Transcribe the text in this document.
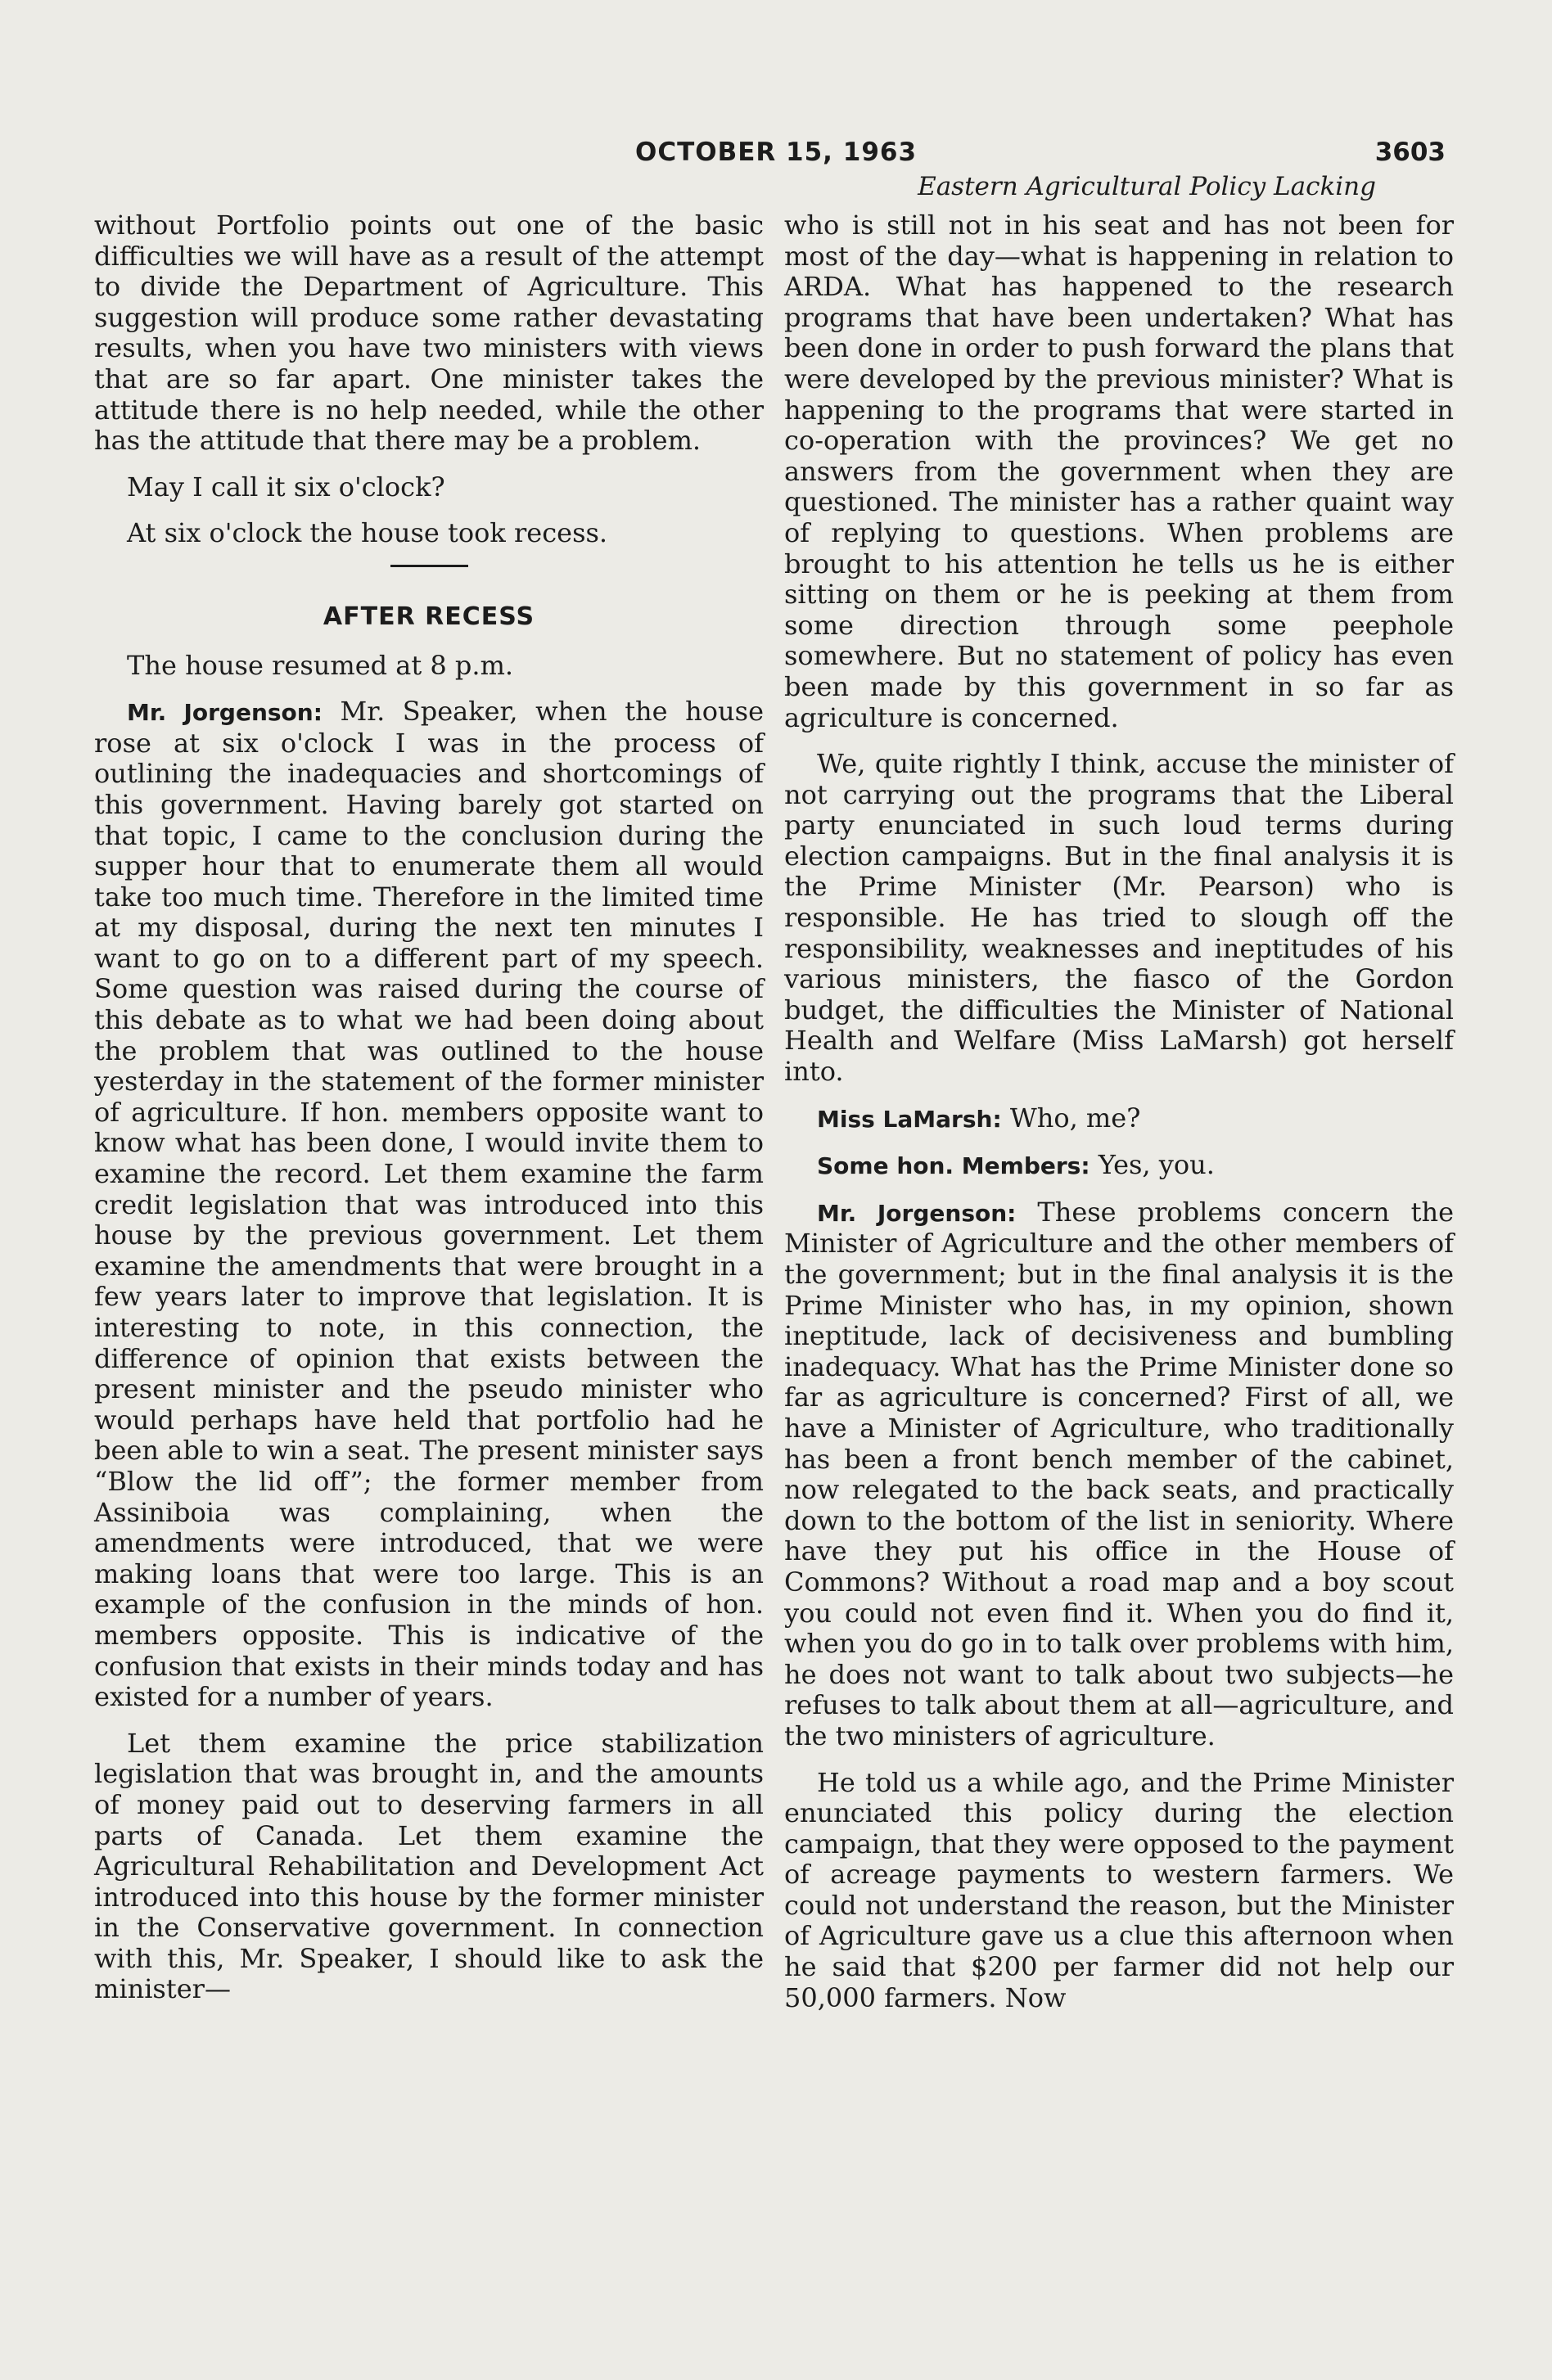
OCTOBER 15, 1963	3603
Eastern Agricultural Policy Lacking

without Portfolio points out one of the basic difficulties we will have as a result of the attempt to divide the Department of Agriculture. This suggestion will produce some rather devastating results, when you have two ministers with views that are so far apart. One minister takes the attitude there is no help needed, while the other has the attitude that there may be a problem.

May I call it six o'clock?

At six o'clock the house took recess.

AFTER RECESS

The house resumed at 8 p.m.

Mr. Jorgenson: Mr. Speaker, when the house rose at six o'clock I was in the process of outlining the inadequacies and shortcomings of this government. Having barely got started on that topic, I came to the conclusion during the supper hour that to enumerate them all would take too much time. Therefore in the limited time at my disposal, during the next ten minutes I want to go on to a different part of my speech. Some question was raised during the course of this debate as to what we had been doing about the problem that was outlined to the house yesterday in the statement of the former minister of agriculture. If hon. members opposite want to know what has been done, I would invite them to examine the record. Let them examine the farm credit legislation that was introduced into this house by the previous government. Let them examine the amendments that were brought in a few years later to improve that legislation. It is interesting to note, in this connection, the difference of opinion that exists between the present minister and the pseudo minister who would perhaps have held that portfolio had he been able to win a seat. The present minister says “Blow the lid off”; the former member from Assiniboia was complaining, when the amendments were introduced, that we were making loans that were too large. This is an example of the confusion in the minds of hon. members opposite. This is indicative of the confusion that exists in their minds today and has existed for a number of years.

Let them examine the price stabilization legislation that was brought in, and the amounts of money paid out to deserving farmers in all parts of Canada. Let them examine the Agricultural Rehabilitation and Development Act introduced into this house by the former minister in the Conservative government. In connection with this, Mr. Speaker, I should like to ask the minister—

who is still not in his seat and has not been for most of the day—what is happening in relation to ARDA. What has happened to the research programs that have been undertaken? What has been done in order to push forward the plans that were developed by the previous minister? What is happening to the programs that were started in co-operation with the provinces? We get no answers from the government when they are questioned. The minister has a rather quaint way of replying to questions. When problems are brought to his attention he tells us he is either sitting on them or he is peeking at them from some direction through some peephole somewhere. But no statement of policy has even been made by this government in so far as agriculture is concerned.

We, quite rightly I think, accuse the minister of not carrying out the programs that the Liberal party enunciated in such loud terms during election campaigns. But in the final analysis it is the Prime Minister (Mr. Pearson) who is responsible. He has tried to slough off the responsibility, weaknesses and ineptitudes of his various ministers, the fiasco of the Gordon budget, the difficulties the Minister of National Health and Welfare (Miss LaMarsh) got herself into.

Miss LaMarsh: Who, me?

Some hon. Members: Yes, you.

Mr. Jorgenson: These problems concern the Minister of Agriculture and the other members of the government; but in the final analysis it is the Prime Minister who has, in my opinion, shown ineptitude, lack of decisiveness and bumbling inadequacy. What has the Prime Minister done so far as agriculture is concerned? First of all, we have a Minister of Agriculture, who traditionally has been a front bench member of the cabinet, now relegated to the back seats, and practically down to the bottom of the list in seniority. Where have they put his office in the House of Commons? Without a road map and a boy scout you could not even find it. When you do find it, when you do go in to talk over problems with him, he does not want to talk about two subjects—he refuses to talk about them at all—agriculture, and the two ministers of agriculture.

He told us a while ago, and the Prime Minister enunciated this policy during the election campaign, that they were opposed to the payment of acreage payments to western farmers. We could not understand the reason, but the Minister of Agriculture gave us a clue this afternoon when he said that $200 per farmer did not help our 50,000 farmers. Now
